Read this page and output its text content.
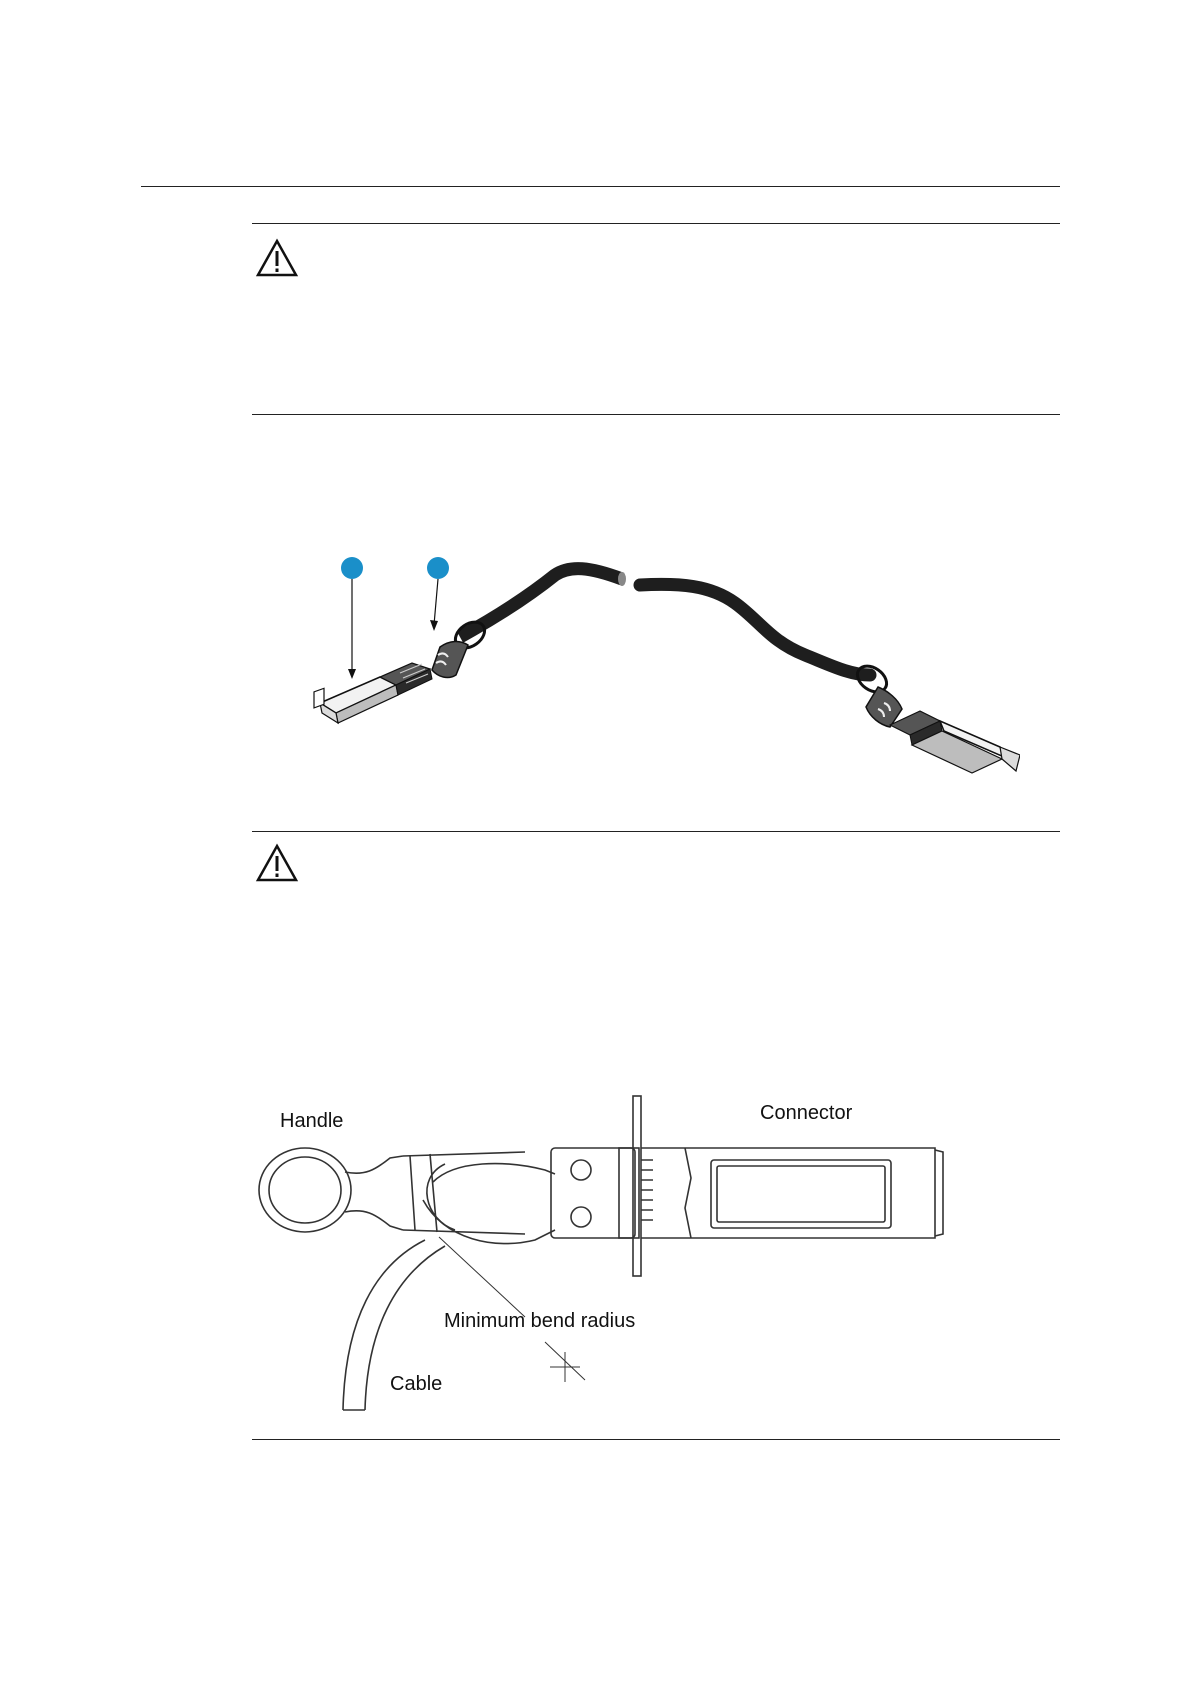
Handle	Connector
Minimum bend radius
Cable
